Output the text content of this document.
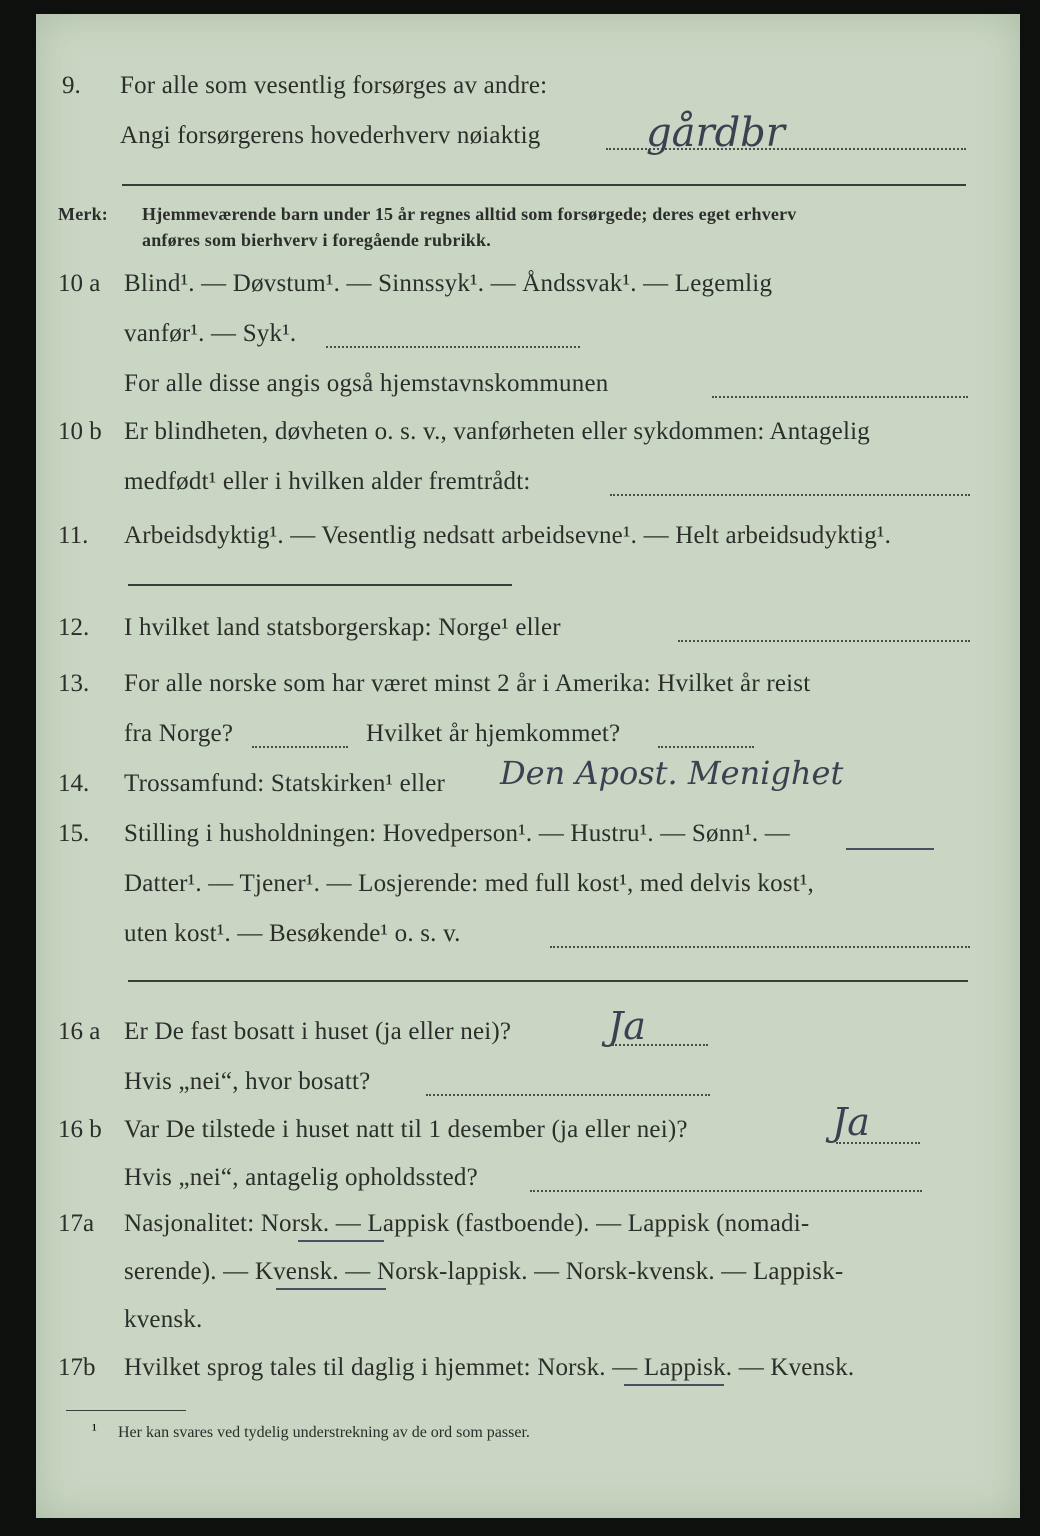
9. For alle som vesentlig forsørges av andre:
Angi forsørgerens hovederhverv nøiaktig	gårdbr
Merk: Hjemmeværende barn under 15 år regnes alltid som forsørgede; deres eget erhverv
anføres som bierhverv i foregående rubrikk.
10 a Blind¹. — Døvstum¹. — Sinnssyk¹. — Åndssvak¹. — Legemlig
vanfør¹. — Syk¹.
For alle disse angis også hjemstavnskommunen
10 b Er blindheten, døvheten o. s. v., vanførheten eller sykdommen: Antagelig
medfødt¹ eller i hvilken alder fremtrådt:
11. Arbeidsdyktig¹. — Vesentlig nedsatt arbeidsevne¹. — Helt arbeidsudyktig¹.
12. I hvilket land statsborgerskap: Norge¹ eller
13. For alle norske som har været minst 2 år i Amerika: Hvilket år reist
fra Norge?	Hvilket år hjemkommet?
14. Trossamfund: Statskirken¹ eller Den Apost. Menighet
15. Stilling i husholdningen: Hovedperson¹. — Hustru¹. — Sønn¹. —
Datter¹. — Tjener¹. — Losjerende: med full kost¹, med delvis kost¹,
uten kost¹. — Besøkende¹ o. s. v.
16 a Er De fast bosatt i huset (ja eller nei)?	Ja
Hvis „nei“, hvor bosatt?
16 b Var De tilstede i huset natt til 1 desember (ja eller nei)?	Ja
Hvis „nei“, antagelig opholdssted?
17a Nasjonalitet: Norsk. — Lappisk (fastboende). — Lappisk (nomadi-
serende). — Kvensk. — Norsk-lappisk. — Norsk-kvensk. — Lappisk-
kvensk.
17b Hvilket sprog tales til daglig i hjemmet: Norsk. — Lappisk. — Kvensk.
¹ Her kan svares ved tydelig understrekning av de ord som passer.
